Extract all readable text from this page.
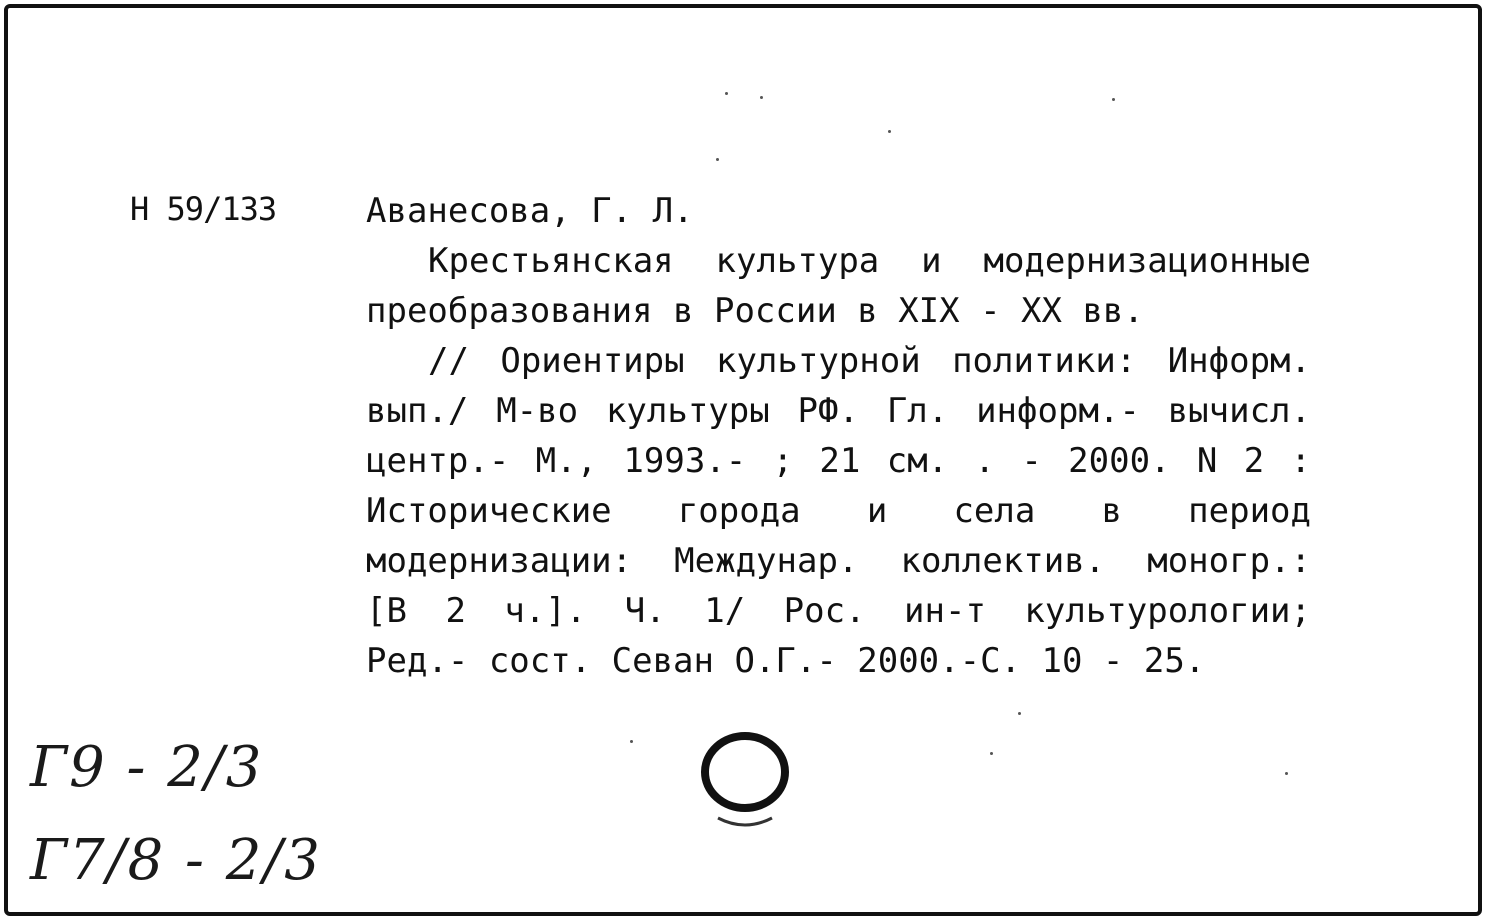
Н 59/133	Аванесова, Г. Л.
Крестьянская культура и модернизационные
преобразования в России в XIX - XX вв.
// Ориентиры культурной политики: Информ.
вып./ М-во культуры РФ. Гл. информ.- вычисл.
центр.- М., 1993.- ; 21 см. . - 2000. N 2 :
Исторические города и села в период
модернизации: Междунар. коллектив. моногр.:
[В 2 ч.]. Ч. 1/ Рос. ин-т культурологии;
Ред.- сост. Севан О.Г.- 2000.-С. 10 - 25.
Г9 - 2/3
Г7/8 - 2/3
